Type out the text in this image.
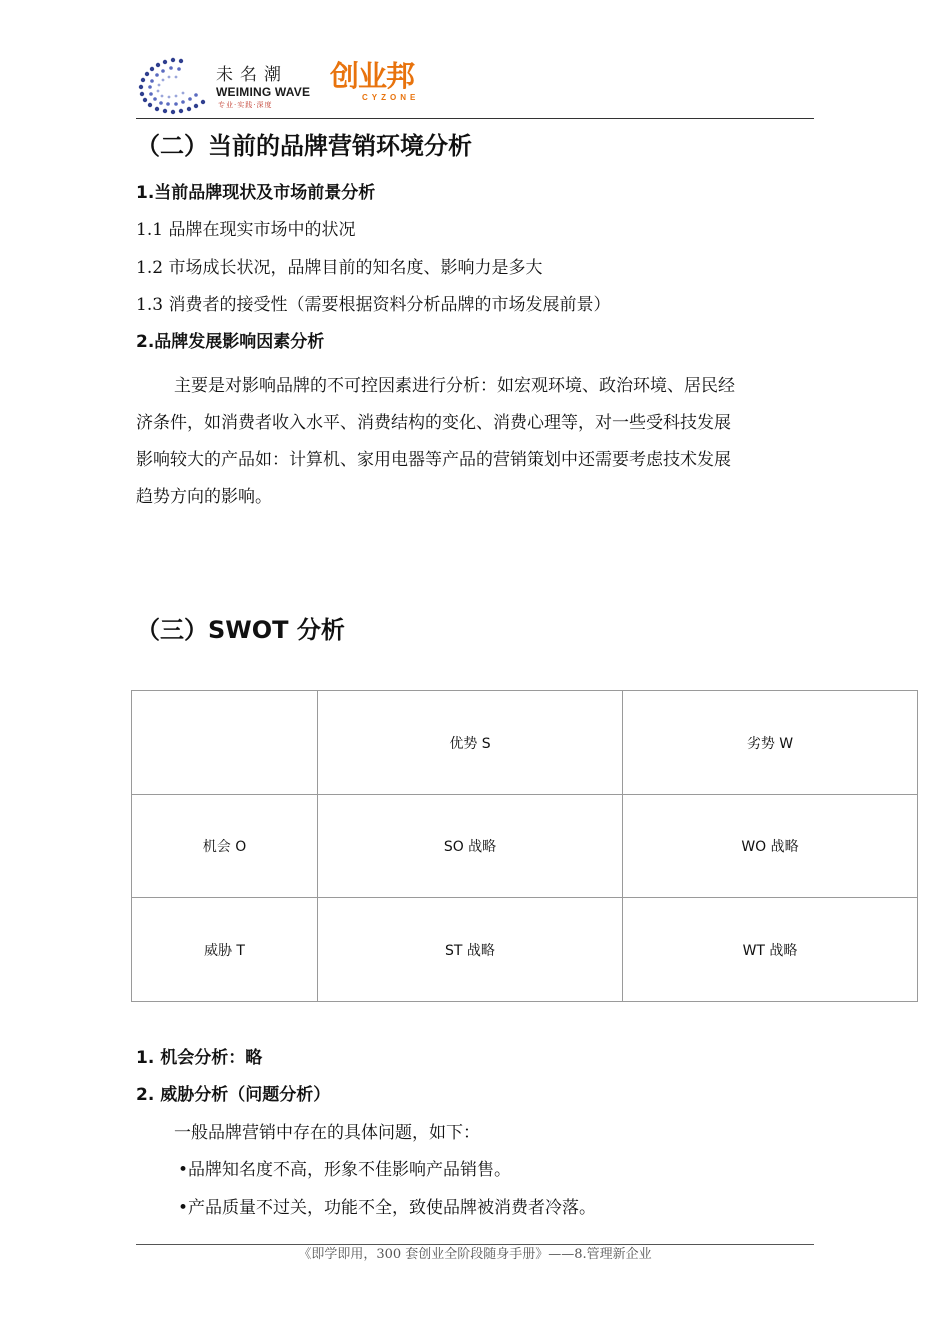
未名潮
WEIMING WAVE
专业·实践·深度
创业邦
CYZONE
（二）当前的品牌营销环境分析
1.当前品牌现状及市场前景分析
1.1 品牌在现实市场中的状况
1.2 市场成长状况，品牌目前的知名度、影响力是多大
1.3 消费者的接受性（需要根据资料分析品牌的市场发展前景）
2.品牌发展影响因素分析
主要是对影响品牌的不可控因素进行分析：如宏观环境、政治环境、居民经
济条件，如消费者收入水平、消费结构的变化、消费心理等，对一些受科技发展
影响较大的产品如：计算机、家用电器等产品的营销策划中还需要考虑技术发展
趋势方向的影响。
（三）SWOT 分析
	优势 S	劣势 W
机会 O	SO 战略	WO 战略
威胁 T	ST 战略	WT 战略
1. 机会分析：略
2. 威胁分析（问题分析）
一般品牌营销中存在的具体问题，如下：
•品牌知名度不高，形象不佳影响产品销售。
•产品质量不过关，功能不全，致使品牌被消费者冷落。
《即学即用，300 套创业全阶段随身手册》——8.管理新企业
